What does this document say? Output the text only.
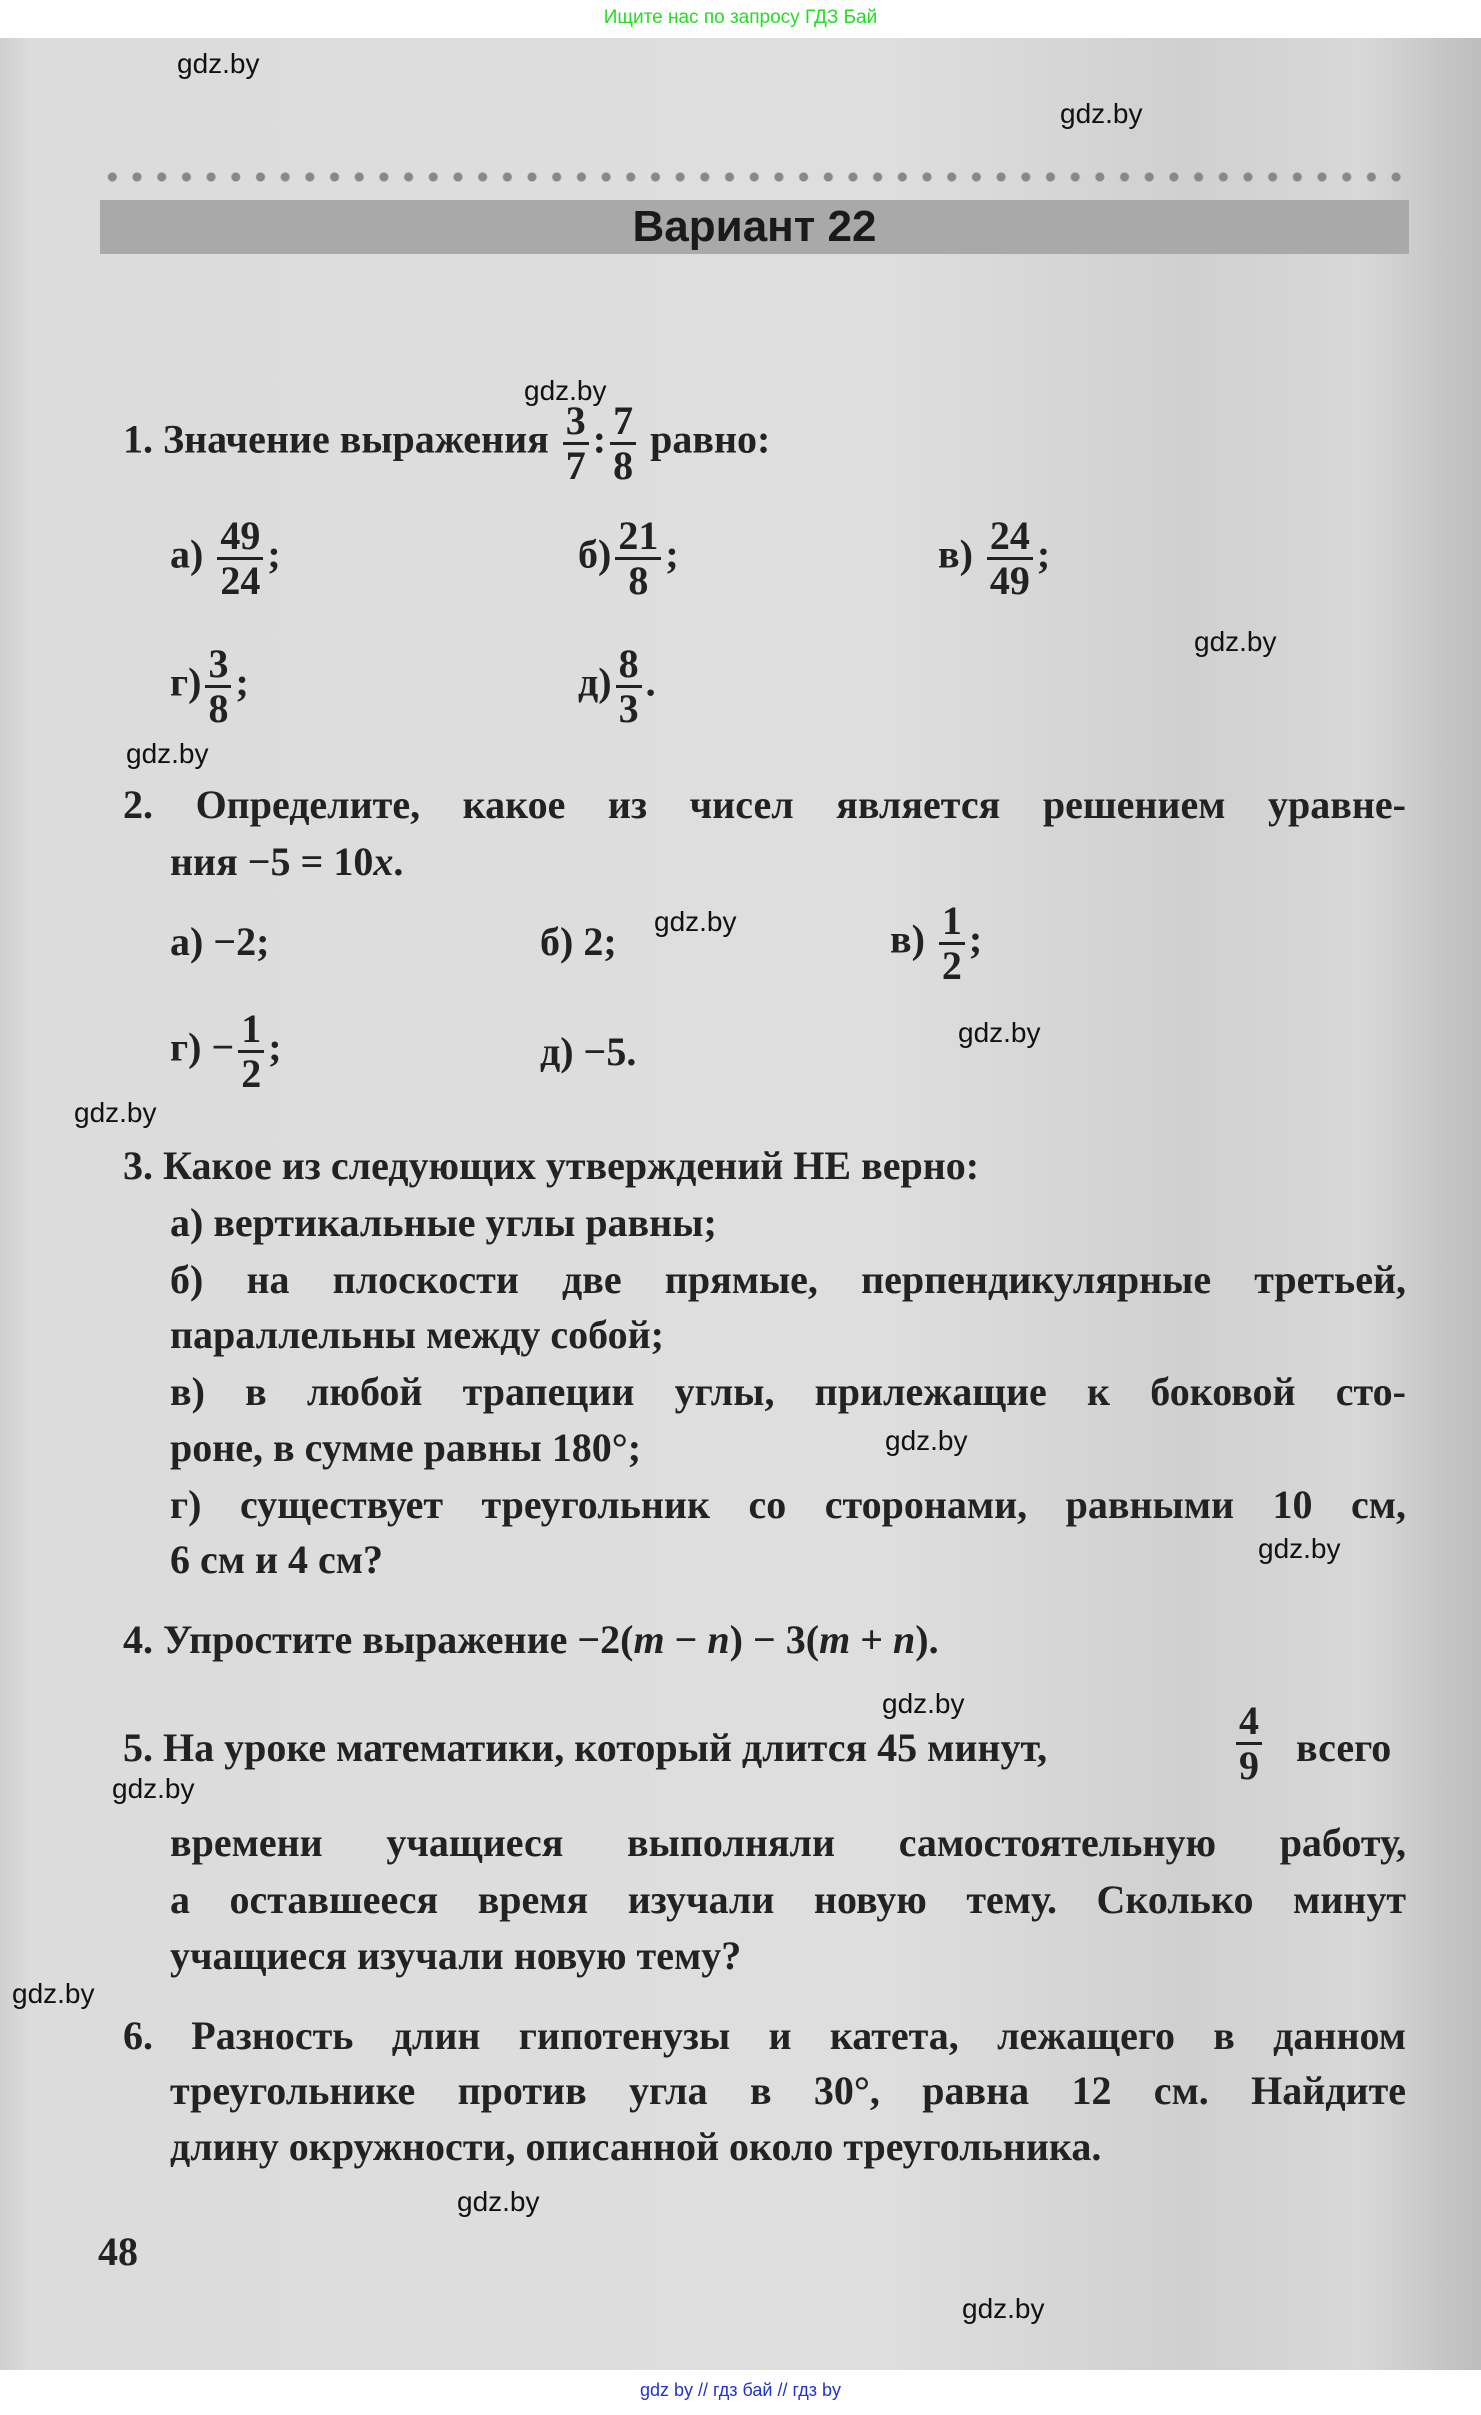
Ищите нас по запросу ГДЗ Бай
Вариант 22
1. Значение выражения $\frac{3}{7}$ : $\frac{7}{8}$ равно:
$а) \frac{49}{24}$ ;	$б) \frac{21}{8}$ ;	$в) \frac{24}{49}$ ;
$г) \frac{3}{8}$ ;	$д) \frac{8}{3}$ .
2. Определите, какое из чисел является решением уравне-
ния −5 = 10x.
а) −2;	б) 2;	$в) \frac{1}{2}$ ;
$г) - \frac{1}{2}$ ;	д) −5.
3. Какое из следующих утверждений НЕ верно:
а) вертикальные углы равны;
б) на плоскости две прямые, перпендикулярные третьей,
параллельны между собой;
в) в любой трапеции углы, прилежащие к боковой сто-
роне, в сумме равны 180°;
г) существует треугольник со сторонами, равными 10 см,
6 см и 4 см?
4. Упростите выражение −2(m − n) − 3(m + n).
5. На уроке математики, который длится 45 минут,	$\frac{4}{9}$ всего
времени учащиеся выполняли самостоятельную работу,
а оставшееся время изучали новую тему. Сколько минут
учащиеся изучали новую тему?
6. Разность длин гипотенузы и катета, лежащего в данном
треугольнике против угла в 30°, равна 12 см. Найдите
длину окружности, описанной около треугольника.
48
gdz.by
gdz.by
gdz.by
gdz.by
gdz.by
gdz.by
gdz.by
gdz.by
gdz.by
gdz.by
gdz.by
gdz.by
gdz.by
gdz.by
gdz.by
gdz by // гдз бай // гдз by
